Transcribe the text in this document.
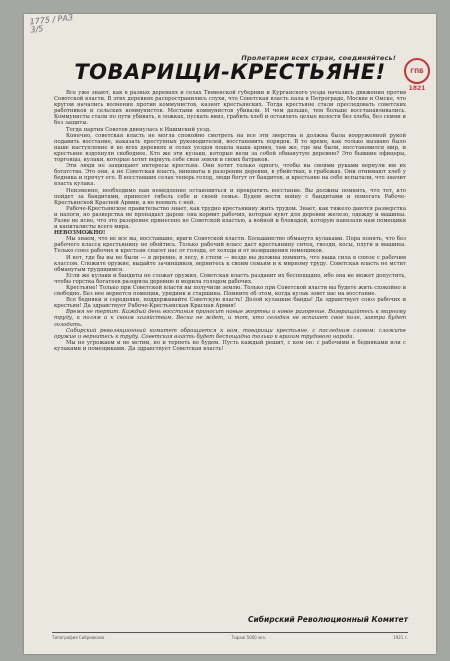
1775 / РАЗ 3/5
Пролетарии всех стран, соединяйтесь!
ГПБ
1821
ТОВАРИЩИ-КРЕСТЬЯНЕ!

Все уже знают, как в разных деревнях и селах Тюменской губернии и Курганского уезда начались движения против Советской власти. В этих деревнях распространились слухи, что Советская власть пала в Петрограде, Москве и Омске, что кругом начались волнения против коммунистов, казнят крестьянских. Тогда крестьяне стали преследовать советских работников и сельских коммунистов. Местами коммунистов убивали. И чем дальше, тем больше восстанавливались. Коммунисты стали по пути убивать, в ложках, пускать вниз, грабить хлеб и оставлять целые волости без хлеба, без семян и без защиты.

Тогда партия Советов двинулась в Ишимский уезд.

Конечно, советская власть не могла спокойно смотреть на все эти зверства и должна была вооруженной рукой подавить восстание, наказать преступных руководителей, восстановить порядок. В то время, как только вызвано было наше наступление и во всех деревнях и селах уездов пошла наша армия, там же, где мы были, восстановился мир, и крестьяне вздохнули свободнее. Кто же эти кулаки, которые вели за собой обманутую деревню? Это бывшие офицеры, торговцы, кулаки, которые хотят вернуть себе свои земли и своих батраков.

Эти люди не защищают интересы крестьян. Они хотят только одного, чтобы вы своими руками вернули им их богатства. Это они, а не Советская власть, виноваты в разорении деревни, в убийствах, в грабежах. Они отнимают хлеб у бедняка и прячут его. В восставших селах теперь голод, люди бегут от бандитов, и крестьяне на себе испытали, что значит власть кулака.

Неизменно, необходимо вам немедленно остановиться и прекратить восстание. Вы должны помнить, что тот, кто пойдет за бандитами, принесет гибель себе и своей семье. Будем вести войну с бандитами и помогать Рабоче-Крестьянской Красной Армии, а не воевать с ней.

Рабоче-Крестьянское правительство знает, как трудно крестьянину жить трудом. Знает, как тяжело даются разверстка и налоги, но разверстка не пропадает даром: она кормит рабочих, которые куют для деревни железо, одежду и машины. Разве не ясно, что это разорение принесено не Советской властью, а войной и блокадой, которую навязали нам помещики и капиталисты всего мира.

НЕВОЗМОЖНО!

Мы знаем, что не все вы, восставшие, враги Советской власти. Большинство обмануто кулаками. Пора понять, что без рабочего класса крестьянину не обойтись. Только рабочий класс даст крестьянину ситец, гвозди, косы, плуги и машины. Только союз рабочих и крестьян спасет нас от голода, от холода и от возвращения помещиков.

И вот, где бы вы не были — в деревне, в лесу, в степи — везде вы должны помнить, что ваша сила в союзе с рабочим классом. Сложите оружие, выдайте зачинщиков, вернитесь к своим семьям и к мирному труду. Советская власть не мстит обманутым трудящимся.

Если же кулаки и бандиты не сложат оружия, Советская власть раздавит их беспощадно, ибо она не может допустить, чтобы горстка богатеев разоряла деревню и морила голодом рабочих.

Крестьяне! Только при Советской власти вы получили землю. Только при Советской власти вы будете жить спокойно и свободно. Без нее вернется помещик, урядник и старшина. Помните об этом, когда кулак зовет вас на восстание.

Все бедняки и середняки, поддерживайте Советскую власть! Долой кулацкие банды! Да здравствует союз рабочих и крестьян! Да здравствует Рабоче-Крестьянская Красная Армия!

Время не терпит. Каждый день восстания приносит новые жертвы и новое разорение. Возвращайтесь к мирному труду, к полям и к своим хозяйствам. Весна не ждет, и тот, кто сегодня не вспашет свое поле, завтра будет голодать.

Сибирский революционный комитет обращается к вам, товарищи крестьяне, с последним словом: сложите оружие и вернитесь к труду. Советская власть будет беспощадна только к врагам трудового народа.

Мы не угрожаем и не мстим, но и терпеть не будем. Пусть каждый решит, с кем он: с рабочими и бедняками или с кулаками и помещиками. Да здравствует Советская власть!

Сибирский Революционный Комитет
Типография Сибревкома	Тираж 5000 экз.	1921 г.
